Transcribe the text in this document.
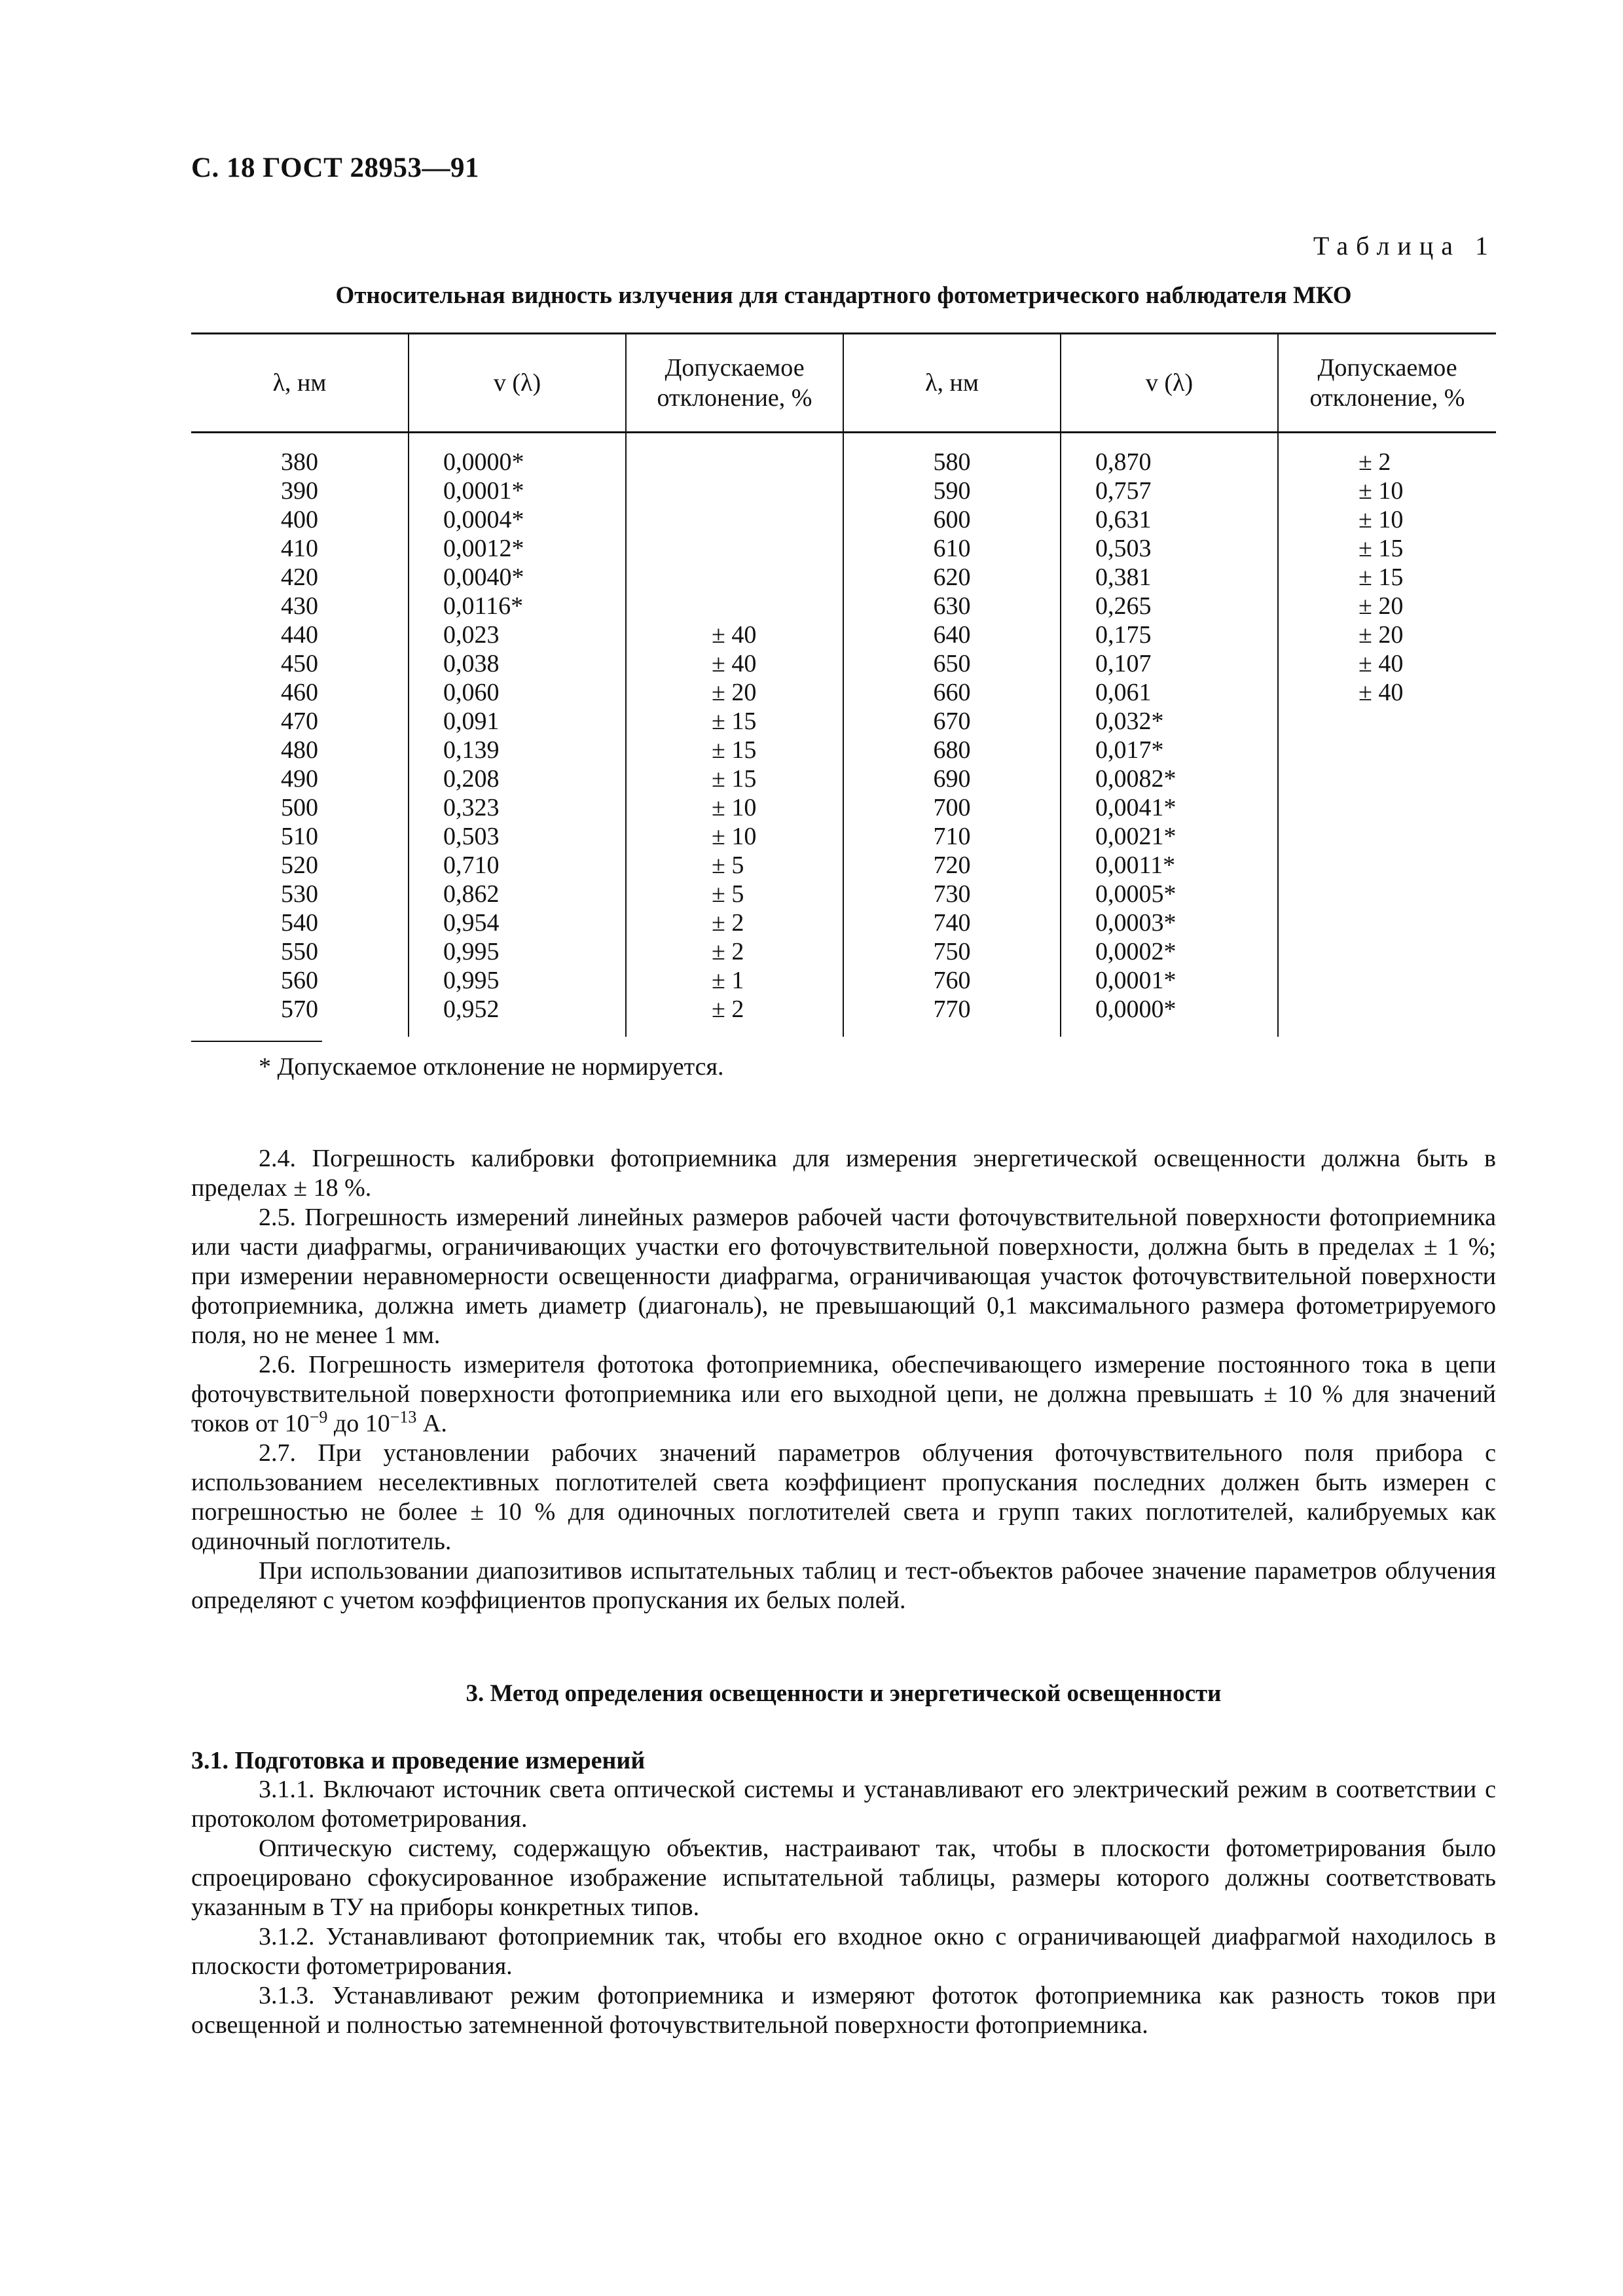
С. 18 ГОСТ 28953—91
Таблица 1
Относительная видность излучения для стандартного фотометрического наблюдателя МКО
λ, нм	v (λ)	Допускаемое отклонение, %	λ, нм	v (λ)	Допускаемое отклонение, %
380	0,0000*		580	0,870	± 2
390	0,0001*		590	0,757	± 10
400	0,0004*		600	0,631	± 10
410	0,0012*		610	0,503	± 15
420	0,0040*		620	0,381	± 15
430	0,0116*		630	0,265	± 20
440	0,023	± 40	640	0,175	± 20
450	0,038	± 40	650	0,107	± 40
460	0,060	± 20	660	0,061	± 40
470	0,091	± 15	670	0,032*	
480	0,139	± 15	680	0,017*	
490	0,208	± 15	690	0,0082*	
500	0,323	± 10	700	0,0041*	
510	0,503	± 10	710	0,0021*	
520	0,710	± 5	720	0,0011*	
530	0,862	± 5	730	0,0005*	
540	0,954	± 2	740	0,0003*	
550	0,995	± 2	750	0,0002*	
560	0,995	± 1	760	0,0001*	
570	0,952	± 2	770	0,0000*	
* Допускаемое отклонение не нормируется.

2.4. Погрешность калибровки фотоприемника для измерения энергетической освещенности должна быть в пределах ± 18 %.

2.5. Погрешность измерений линейных размеров рабочей части фоточувствительной поверхности фотоприемника или части диафрагмы, ограничивающих участки его фоточувствительной поверхности, должна быть в пределах ± 1 %; при измерении неравномерности освещенности диафрагма, ограничивающая участок фоточувствительной поверхности фотоприемника, должна иметь диаметр (диагональ), не превышающий 0,1 максимального размера фотометрируемого поля, но не менее 1 мм.

2.6. Погрешность измерителя фототока фотоприемника, обеспечивающего измерение постоянного тока в цепи фоточувствительной поверхности фотоприемника или его выходной цепи, не должна превышать ± 10 % для значений токов от $10^{-9}$ до $10^{-13}$ А.

2.7. При установлении рабочих значений параметров облучения фоточувствительного поля прибора с использованием неселективных поглотителей света коэффициент пропускания последних должен быть измерен с погрешностью не более ± 10 % для одиночных поглотителей света и групп таких поглотителей, калибруемых как одиночный поглотитель.

При использовании диапозитивов испытательных таблиц и тест-объектов рабочее значение параметров облучения определяют с учетом коэффициентов пропускания их белых полей.

3. Метод определения освещенности и энергетической освещенности
3.1. Подготовка и проведение измерений

3.1.1. Включают источник света оптической системы и устанавливают его электрический режим в соответствии с протоколом фотометрирования.

Оптическую систему, содержащую объектив, настраивают так, чтобы в плоскости фотометрирования было спроецировано сфокусированное изображение испытательной таблицы, размеры которого должны соответствовать указанным в ТУ на приборы конкретных типов.

3.1.2. Устанавливают фотоприемник так, чтобы его входное окно с ограничивающей диафрагмой находилось в плоскости фотометрирования.

3.1.3. Устанавливают режим фотоприемника и измеряют фототок фотоприемника как разность токов при освещенной и полностью затемненной фоточувствительной поверхности фотоприемника.
